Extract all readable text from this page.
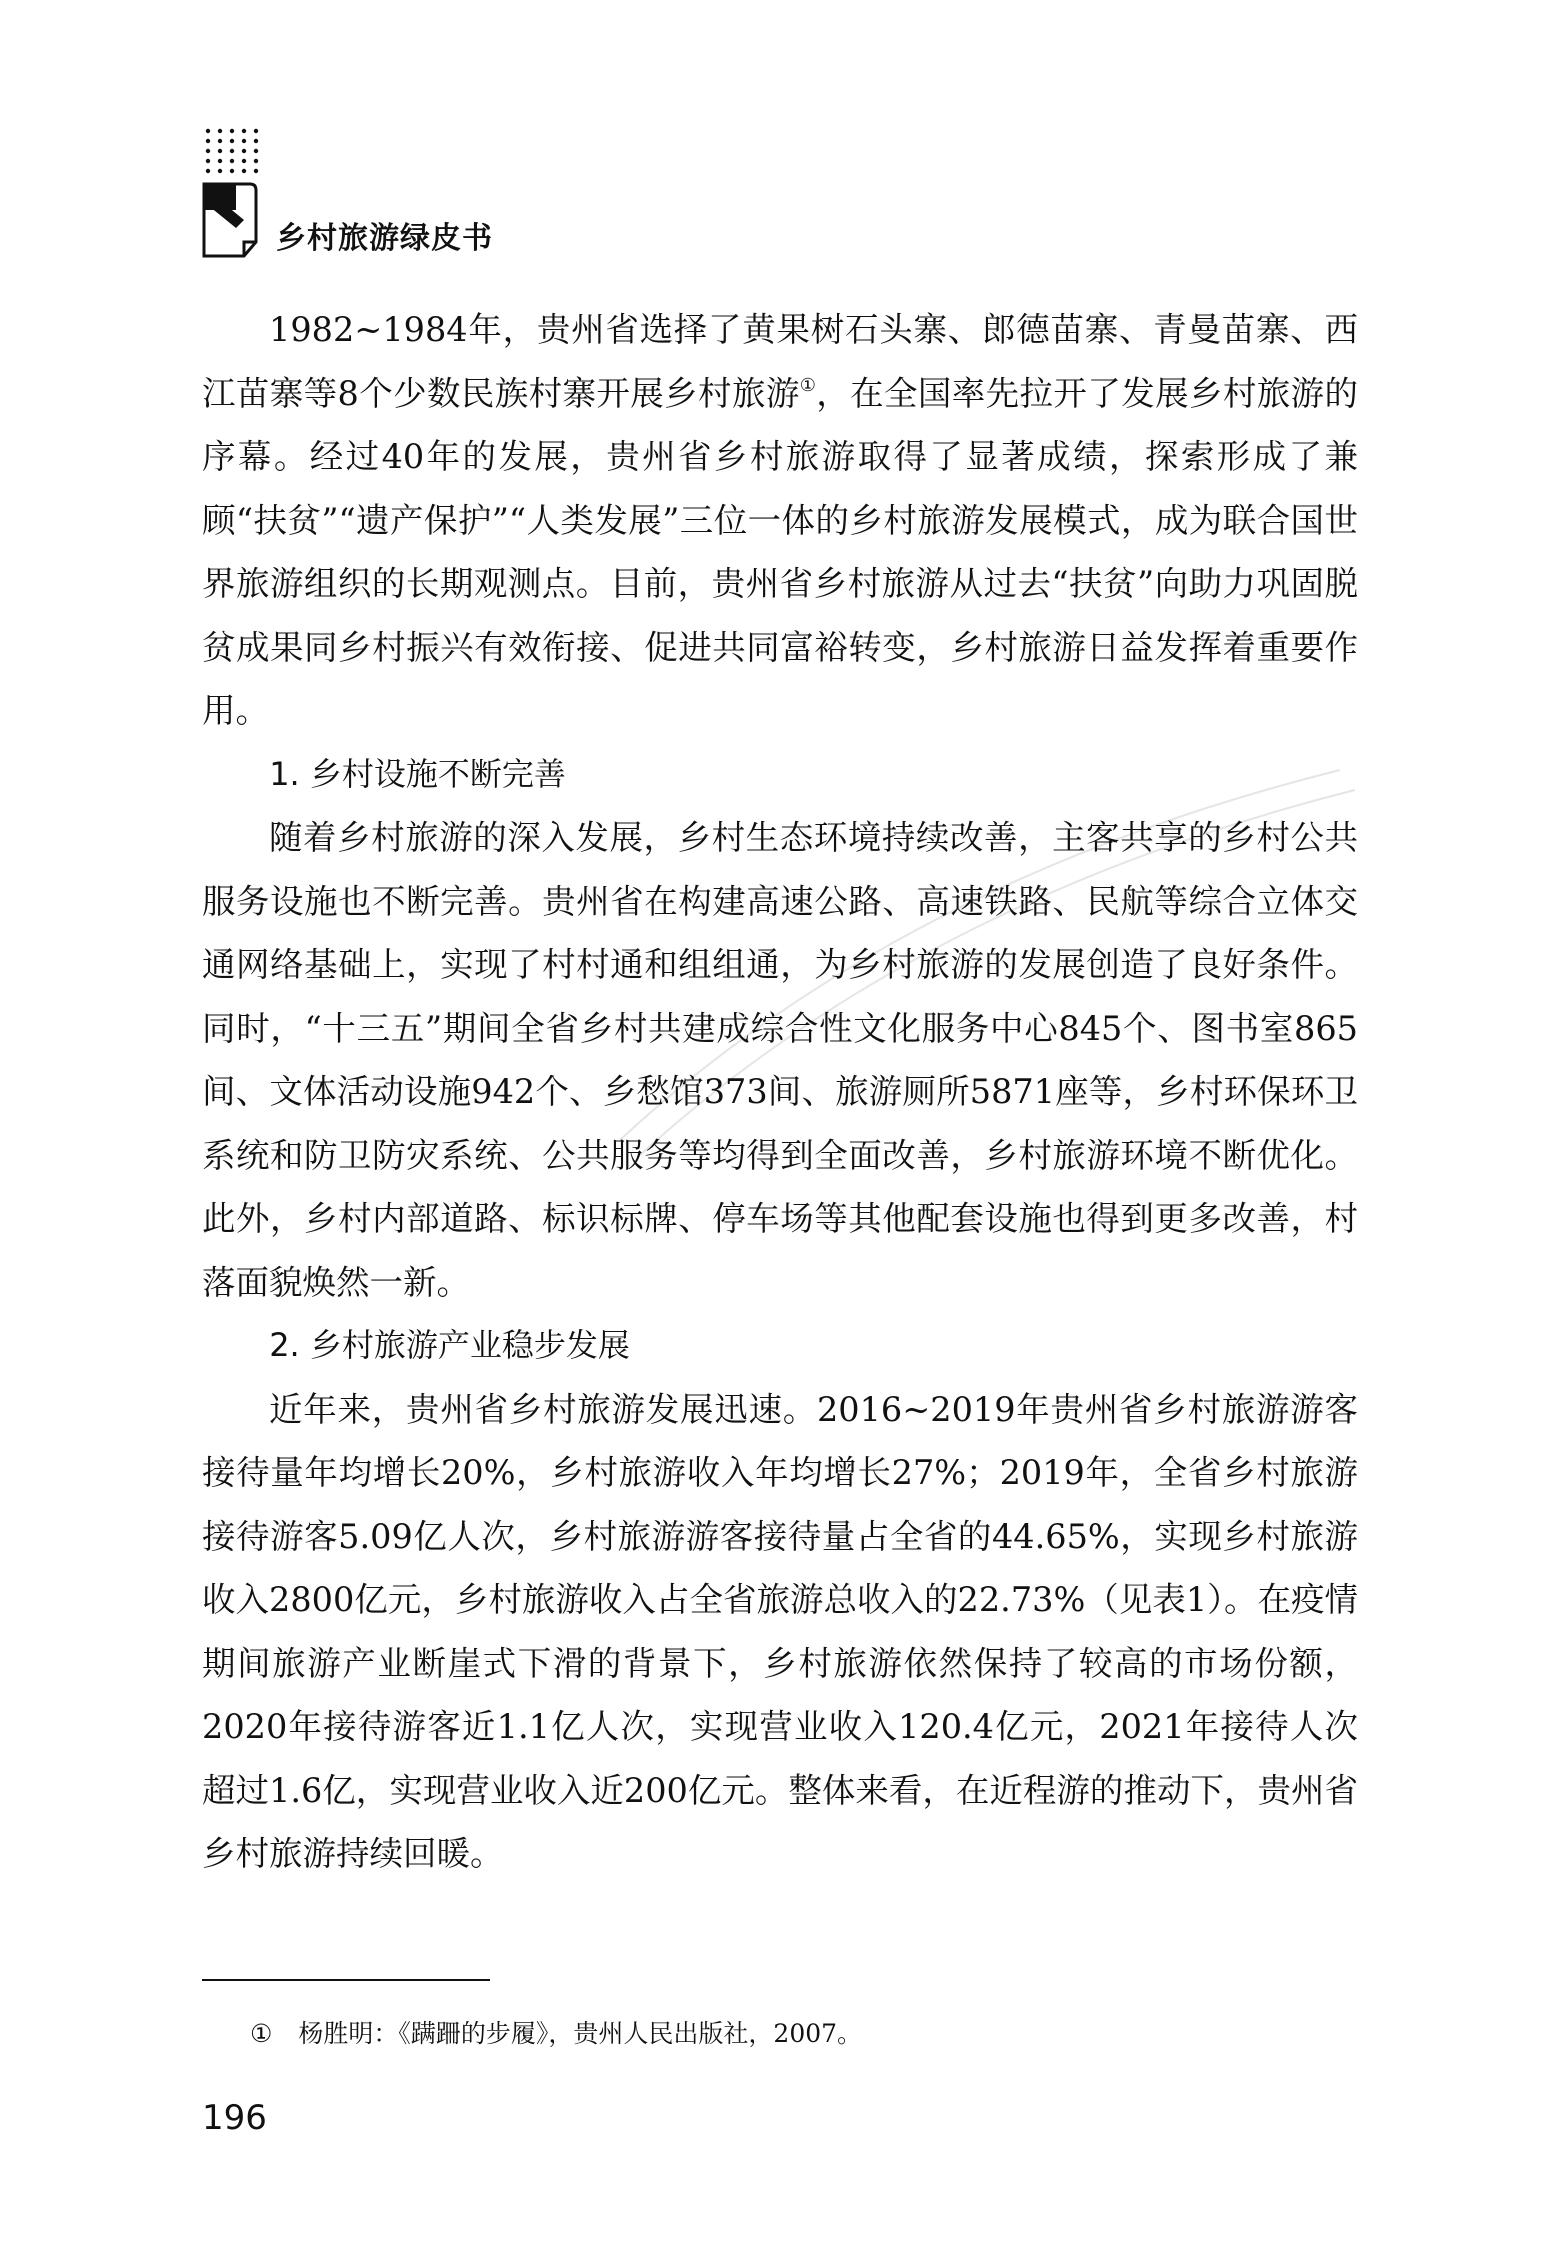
乡村旅游绿皮书

1982~1984年，贵州省选择了黄果树石头寨、郎德苗寨、青曼苗寨、西江苗寨等8个少数民族村寨开展乡村旅游①，在全国率先拉开了发展乡村旅游的序幕。经过40年的发展，贵州省乡村旅游取得了显著成绩，探索形成了兼顾“扶贫”“遗产保护”“人类发展”三位一体的乡村旅游发展模式，成为联合国世界旅游组织的长期观测点。目前，贵州省乡村旅游从过去“扶贫”向助力巩固脱贫成果同乡村振兴有效衔接、促进共同富裕转变，乡村旅游日益发挥着重要作用。

1. 乡村设施不断完善

随着乡村旅游的深入发展，乡村生态环境持续改善，主客共享的乡村公共服务设施也不断完善。贵州省在构建高速公路、高速铁路、民航等综合立体交通网络基础上，实现了村村通和组组通，为乡村旅游的发展创造了良好条件。同时，“十三五”期间全省乡村共建成综合性文化服务中心845个、图书室865间、文体活动设施942个、乡愁馆373间、旅游厕所5871座等，乡村环保环卫系统和防卫防灾系统、公共服务等均得到全面改善，乡村旅游环境不断优化。此外，乡村内部道路、标识标牌、停车场等其他配套设施也得到更多改善，村落面貌焕然一新。

2. 乡村旅游产业稳步发展

近年来，贵州省乡村旅游发展迅速。2016~2019年贵州省乡村旅游游客接待量年均增长20%，乡村旅游收入年均增长27%；2019年，全省乡村旅游接待游客5.09亿人次，乡村旅游游客接待量占全省的44.65%，实现乡村旅游收入2800亿元，乡村旅游收入占全省旅游总收入的22.73%（见表1）。在疫情期间旅游产业断崖式下滑的背景下，乡村旅游依然保持了较高的市场份额，2020年接待游客近1.1亿人次，实现营业收入120.4亿元，2021年接待人次超过1.6亿，实现营业收入近200亿元。整体来看，在近程游的推动下，贵州省乡村旅游持续回暖。

① 杨胜明：《蹒跚的步履》，贵州人民出版社，2007。
196
